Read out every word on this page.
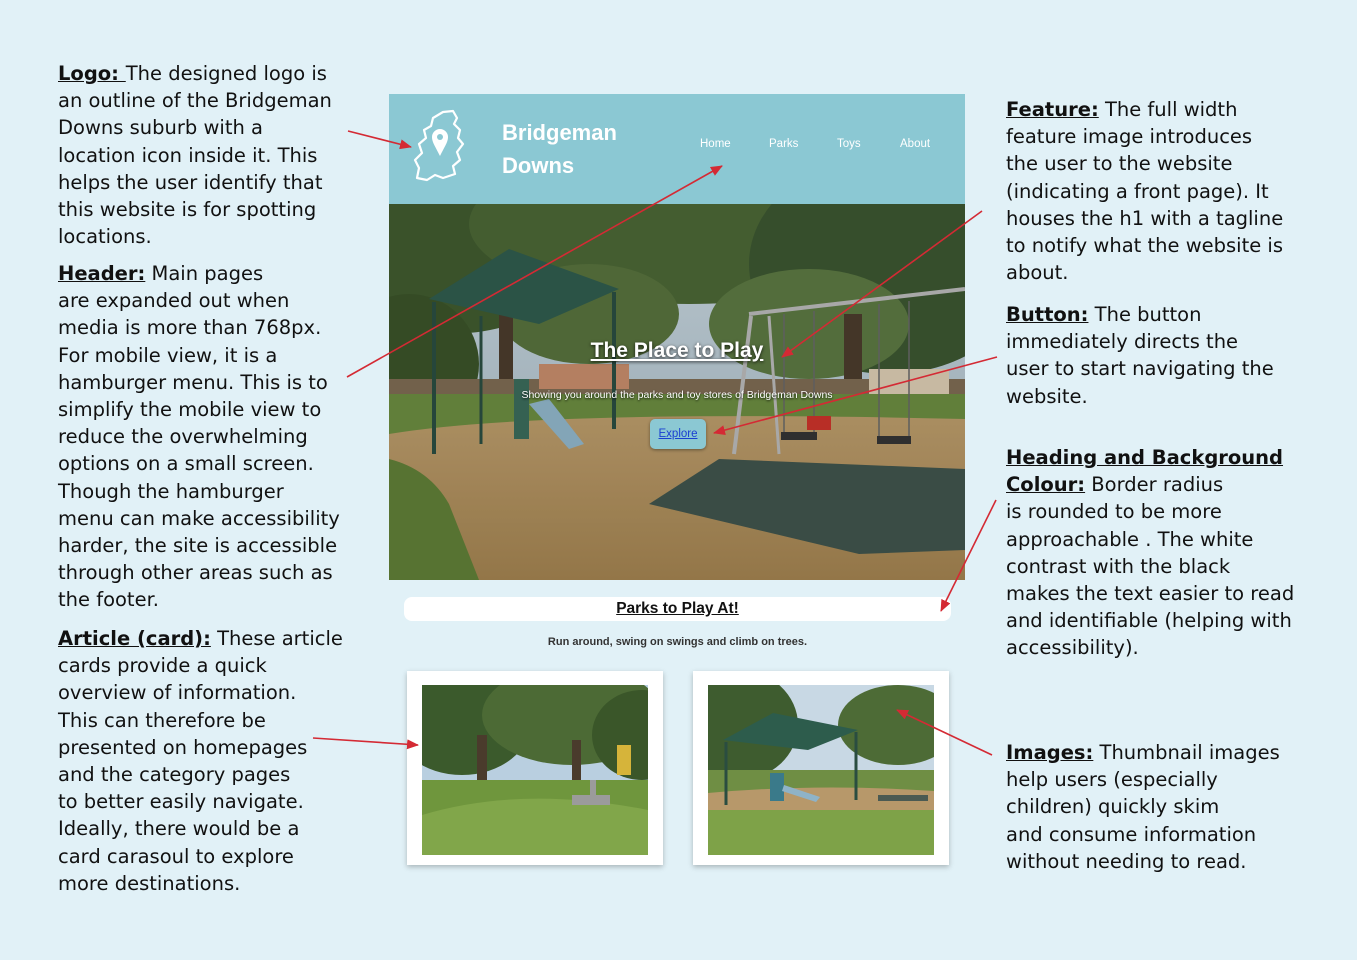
Logo: The designed logo is
an outline of the Bridgeman
Downs suburb with a
location icon inside it. This
helps the user identify that
this website is for spotting
locations.
Header: Main pages
are expanded out when
media is more than 768px.
For mobile view, it is a
hamburger menu. This is to
simplify the mobile view to
reduce the overwhelming
options on a small screen.
Though the hamburger
menu can make accessibility
harder, the site is accessible
through other areas such as
the footer.
Article (card): These article
cards provide a quick
overview of information.
This can therefore be
presented on homepages
and the category pages
to better easily navigate.
Ideally, there would be a
card carasoul to explore
more destinations.
Feature: The full width
feature image introduces
the user to the website
(indicating a front page). It
houses the h1 with a tagline
to notify what the website is
about.
Button: The button
immediately directs the
user to start navigating the
website.
Heading and Background
Colour: Border radius
is rounded to be more
approachable . The white
contrast with the black
makes the text easier to read
and identifiable (helping with
accessibility).
Images: Thumbnail images
help users (especially
children) quickly skim
and consume information
without needing to read.
Bridgeman
Downs
Home	Parks	Toys	About
The Place to Play
Showing you around the parks and toy stores of Bridgeman Downs
Explore
Parks to Play At!
Run around, swing on swings and climb on trees.
